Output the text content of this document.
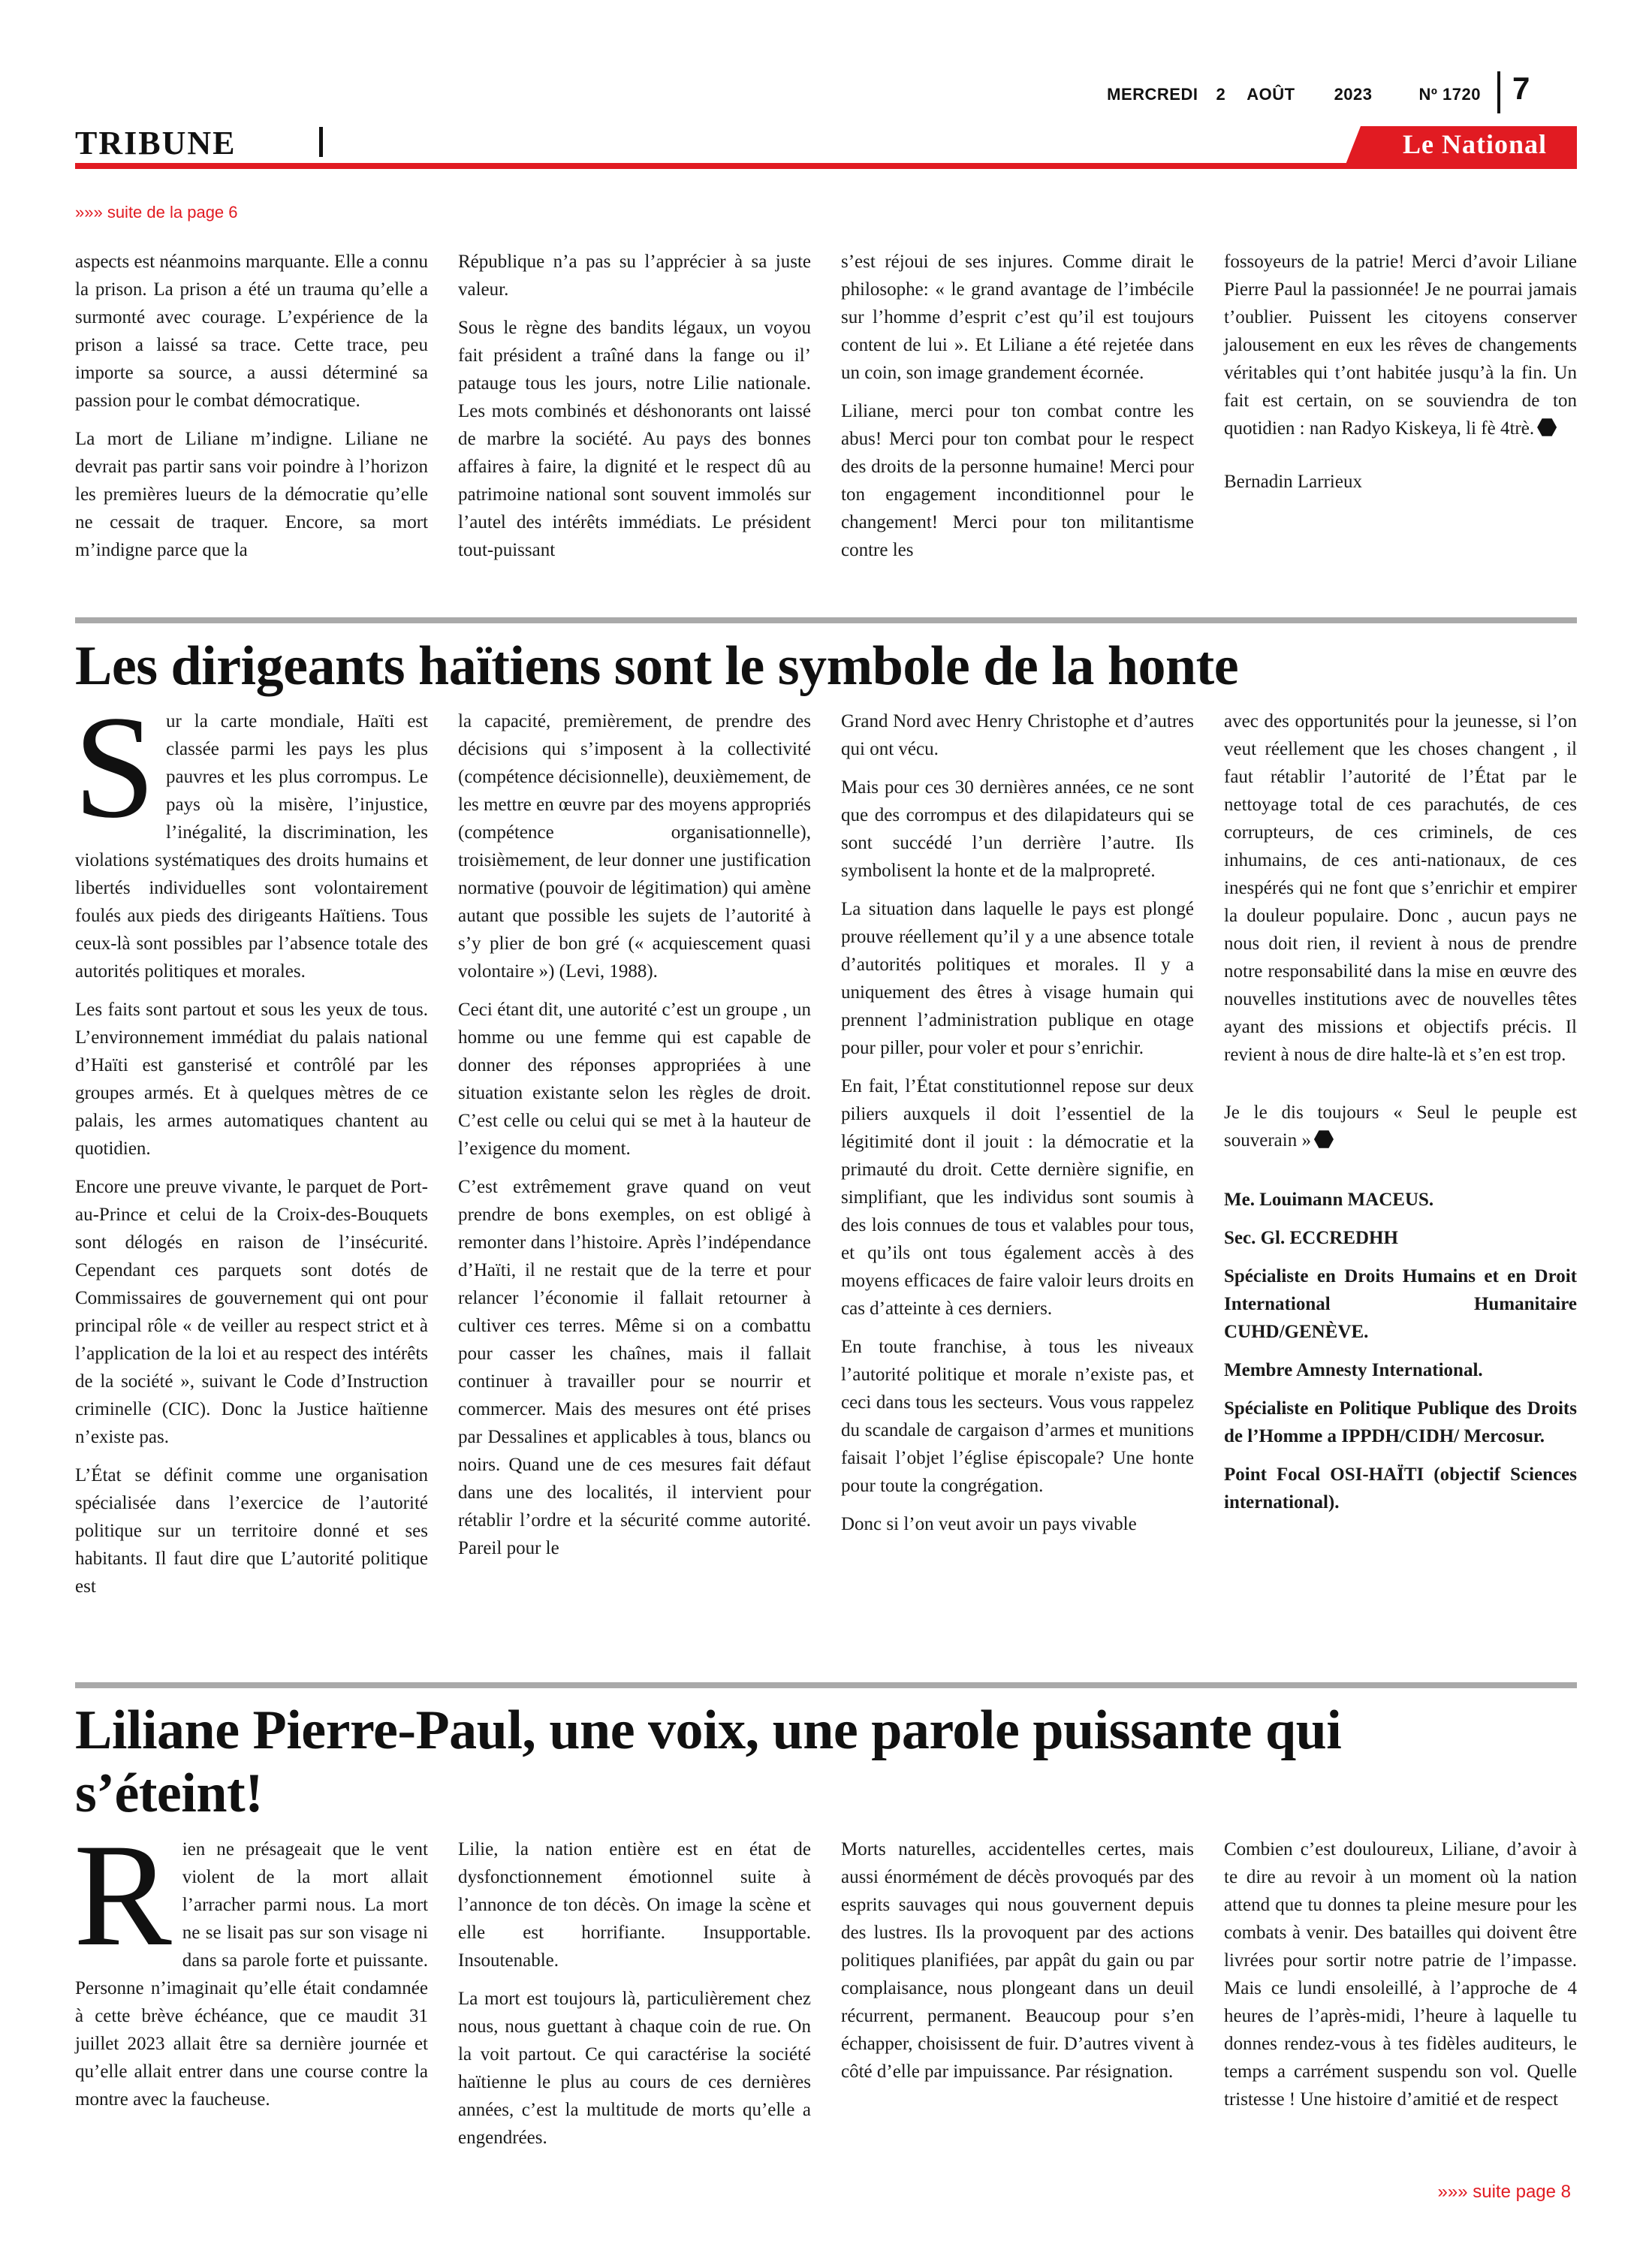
MERCREDI 2 AOÛT 2023	Nº 1720	7
TRIBUNE	Le National
»»» suite de la page 6

aspects est néanmoins marquante. Elle a connu la prison. La prison a été un trauma qu’elle a surmonté avec courage. L’expérience de la prison a laissé sa trace. Cette trace, peu importe sa source, a aussi déterminé sa passion pour le combat démocratique.

La mort de Liliane m’indigne. Liliane ne devrait pas partir sans voir poindre à l’horizon les premières lueurs de la démocratie qu’elle ne cessait de traquer. Encore, sa mort m’indigne parce que la

République n’a pas su l’apprécier à sa juste valeur.

Sous le règne des bandits légaux, un voyou fait président a traîné dans la fange ou il’ patauge tous les jours, notre Lilie nationale. Les mots combinés et déshonorants ont laissé de marbre la société. Au pays des bonnes affaires à faire, la dignité et le respect dû au patrimoine national sont souvent immolés sur l’autel des intérêts immédiats. Le président tout-puissant

s’est réjoui de ses injures. Comme dirait le philosophe: « le grand avantage de l’imbécile sur l’homme d’esprit c’est qu’il est toujours content de lui ». Et Liliane a été rejetée dans un coin, son image grandement écornée.

Liliane, merci pour ton combat contre les abus! Merci pour ton combat pour le respect des droits de la personne humaine! Merci pour ton engagement inconditionnel pour le changement! Merci pour ton militantisme contre les

fossoyeurs de la patrie! Merci d’avoir Liliane Pierre Paul la passionnée! Je ne pourrai jamais t’oublier. Puissent les citoyens conserver jalousement en eux les rêves de changements véritables qui t’ont habitée jusqu’à la fin. Un fait est certain, on se souviendra de ton quotidien : nan Radyo Kiskeya, li fè 4trè.

Bernadin Larrieux

Les dirigeants haïtiens sont le symbole de la honte

Sur la carte mondiale, Haïti est classée parmi les pays les plus pauvres et les plus corrompus. Le pays où la misère, l’injustice, l’inégalité, la discrimination, les violations systématiques des droits humains et libertés individuelles sont volontairement foulés aux pieds des dirigeants Haïtiens. Tous ceux-là sont possibles par l’absence totale des autorités politiques et morales.

Les faits sont partout et sous les yeux de tous. L’environnement immédiat du palais national d’Haïti est gansterisé et contrôlé par les groupes armés. Et à quelques mètres de ce palais, les armes automatiques chantent au quotidien.

Encore une preuve vivante, le parquet de Port-au-Prince et celui de la Croix-des-Bouquets sont délogés en raison de l’insécurité. Cependant ces parquets sont dotés de Commissaires de gouvernement qui ont pour principal rôle « de veiller au respect strict et à l’application de la loi et au respect des intérêts de la société », suivant le Code d’Instruction criminelle (CIC). Donc la Justice haïtienne n’existe pas.

L’État se définit comme une organisation spécialisée dans l’exercice de l’autorité politique sur un territoire donné et ses habitants. Il faut dire que L’autorité politique est

la capacité, premièrement, de prendre des décisions qui s’imposent à la collectivité (compétence décisionnelle), deuxièmement, de les mettre en œuvre par des moyens appropriés (compétence organisationnelle), troisièmement, de leur donner une justification normative (pouvoir de légitimation) qui amène autant que possible les sujets de l’autorité à s’y plier de bon gré (« acquiescement quasi volontaire ») (Levi, 1988).

Ceci étant dit, une autorité c’est un groupe , un homme ou une femme qui est capable de donner des réponses appropriées à une situation existante selon les règles de droit. C’est celle ou celui qui se met à la hauteur de l’exigence du moment.

C’est extrêmement grave quand on veut prendre de bons exemples, on est obligé à remonter dans l’histoire. Après l’indépendance d’Haïti, il ne restait que de la terre et pour relancer l’économie il fallait retourner à cultiver ces terres. Même si on a combattu pour casser les chaînes, mais il fallait continuer à travailler pour se nourrir et commercer. Mais des mesures ont été prises par Dessalines et applicables à tous, blancs ou noirs. Quand une de ces mesures fait défaut dans une des localités, il intervient pour rétablir l’ordre et la sécurité comme autorité. Pareil pour le

Grand Nord avec Henry Christophe et d’autres qui ont vécu.

Mais pour ces 30 dernières années, ce ne sont que des corrompus et des dilapidateurs qui se sont succédé l’un derrière l’autre. Ils symbolisent la honte et de la malpropreté.

La situation dans laquelle le pays est plongé prouve réellement qu’il y a une absence totale d’autorités politiques et morales. Il y a uniquement des êtres à visage humain qui prennent l’administration publique en otage pour piller, pour voler et pour s’enrichir.

En fait, l’État constitutionnel repose sur deux piliers auxquels il doit l’essentiel de la légitimité dont il jouit : la démocratie et la primauté du droit. Cette dernière signifie, en simplifiant, que les individus sont soumis à des lois connues de tous et valables pour tous, et qu’ils ont tous également accès à des moyens efficaces de faire valoir leurs droits en cas d’atteinte à ces derniers.

En toute franchise, à tous les niveaux l’autorité politique et morale n’existe pas, et ceci dans tous les secteurs. Vous vous rappelez du scandale de cargaison d’armes et munitions faisait l’objet l’église épiscopale? Une honte pour toute la congrégation.

Donc si l’on veut avoir un pays vivable

avec des opportunités pour la jeunesse, si l’on veut réellement que les choses changent , il faut rétablir l’autorité de l’État par le nettoyage total de ces parachutés, de ces corrupteurs, de ces criminels, de ces inhumains, de ces anti-nationaux, de ces inespérés qui ne font que s’enrichir et empirer la douleur populaire. Donc , aucun pays ne nous doit rien, il revient à nous de prendre notre responsabilité dans la mise en œuvre des nouvelles institutions avec de nouvelles têtes ayant des missions et objectifs précis. Il revient à nous de dire halte-là et s’en est trop.

Je le dis toujours « Seul le peuple est souverain »

Me. Louimann MACEUS.

Sec. Gl. ECCREDHH

Spécialiste en Droits Humains et en Droit International Humanitaire CUHD/GENÈVE.

Membre Amnesty International.

Spécialiste en Politique Publique des Droits de l’Homme a IPPDH/CIDH/ Mercosur.

Point Focal OSI-HAÏTI (objectif Sciences international).

Liliane Pierre-Paul, une voix, une parole puissante qui
s’éteint!

Rien ne présageait que le vent violent de la mort allait l’arracher parmi nous. La mort ne se lisait pas sur son visage ni dans sa parole forte et puissante. Personne n’imaginait qu’elle était condamnée à cette brève échéance, que ce maudit 31 juillet 2023 allait être sa dernière journée et qu’elle allait entrer dans une course contre la montre avec la faucheuse.

Lilie, la nation entière est en état de dysfonctionnement émotionnel suite à l’annonce de ton décès. On image la scène et elle est horrifiante. Insupportable. Insoutenable.

La mort est toujours là, particulièrement chez nous, nous guettant à chaque coin de rue. On la voit partout. Ce qui caractérise la société haïtienne le plus au cours de ces dernières années, c’est la multitude de morts qu’elle a engendrées.

Morts naturelles, accidentelles certes, mais aussi énormément de décès provoqués par des esprits sauvages qui nous gouvernent depuis des lustres. Ils la provoquent par des actions politiques planifiées, par appât du gain ou par complaisance, nous plongeant dans un deuil récurrent, permanent. Beaucoup pour s’en échapper, choisissent de fuir. D’autres vivent à côté d’elle par impuissance. Par résignation.

Combien c’est douloureux, Liliane, d’avoir à te dire au revoir à un moment où la nation attend que tu donnes ta pleine mesure pour les combats à venir. Des batailles qui doivent être livrées pour sortir notre patrie de l’impasse. Mais ce lundi ensoleillé, à l’approche de 4 heures de l’après-midi, l’heure à laquelle tu donnes rendez-vous à tes fidèles auditeurs, le temps a carrément suspendu son vol. Quelle tristesse ! Une histoire d’amitié et de respect

»»» suite page 8
